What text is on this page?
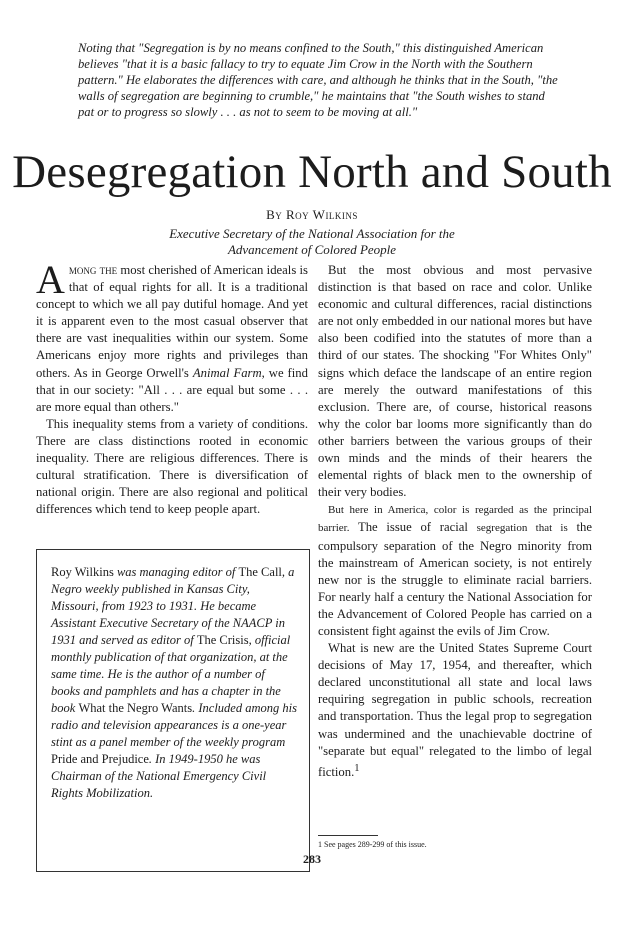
Noting that "Segregation is by no means confined to the South," this distinguished American believes "that it is a basic fallacy to try to equate Jim Crow in the North with the Southern pattern." He elaborates the differences with care, and although he thinks that in the South, "the walls of segregation are beginning to crumble," he maintains that "the South wishes to stand pat or to progress so slowly . . . as not to seem to be moving at all."
Desegregation North and South
By Roy Wilkins
Executive Secretary of the National Association for the
Advancement of Colored People

Among the most cherished of American ideals is that of equal rights for all. It is a traditional concept to which we all pay dutiful homage. And yet it is apparent even to the most casual observer that there are vast inequalities within our system. Some Americans enjoy more rights and privileges than others. As in George Orwell's Animal Farm, we find that in our society: "All . . . are equal but some . . . are more equal than others."

This inequality stems from a variety of conditions. There are class distinctions rooted in economic inequality. There are religious differences. There is cultural stratification. There is diversification of national origin. There are also regional and political differences which tend to keep people apart.

Roy Wilkins was managing editor of The Call, a Negro weekly published in Kansas City, Missouri, from 1923 to 1931. He became Assistant Executive Secretary of the NAACP in 1931 and served as editor of The Crisis, official monthly publication of that organization, at the same time. He is the author of a number of books and pamphlets and has a chapter in the book What the Negro Wants. Included among his radio and television appearances is a one-year stint as a panel member of the weekly program Pride and Prejudice. In 1949-1950 he was Chairman of the National Emergency Civil Rights Mobilization.

But the most obvious and most pervasive distinction is that based on race and color. Unlike economic and cultural differences, racial distinctions are not only embedded in our national mores but have also been codified into the statutes of more than a third of our states. The shocking "For Whites Only" signs which deface the landscape of an entire region are merely the outward manifestations of this exclusion. There are, of course, historical reasons why the color bar looms more significantly than do other barriers between the various groups of their own minds and the minds of their hearers the elemental rights of black men to the ownership of their very bodies.

But here in America, color is regarded as the principal barrier. The issue of racial segregation that is the compulsory separation of the Negro minority from the mainstream of American society, is not entirely new nor is the struggle to eliminate racial barriers. For nearly half a century the National Association for the Advancement of Colored People has carried on a consistent fight against the evils of Jim Crow.

What is new are the United States Supreme Court decisions of May 17, 1954, and thereafter, which declared unconstitutional all state and local laws requiring segregation in public schools, recreation and transportation. Thus the legal prop to segregation was undermined and the unachievable doctrine of "separate but equal" relegated to the limbo of legal fiction.$^1$

1 See pages 289-299 of this issue.
283
